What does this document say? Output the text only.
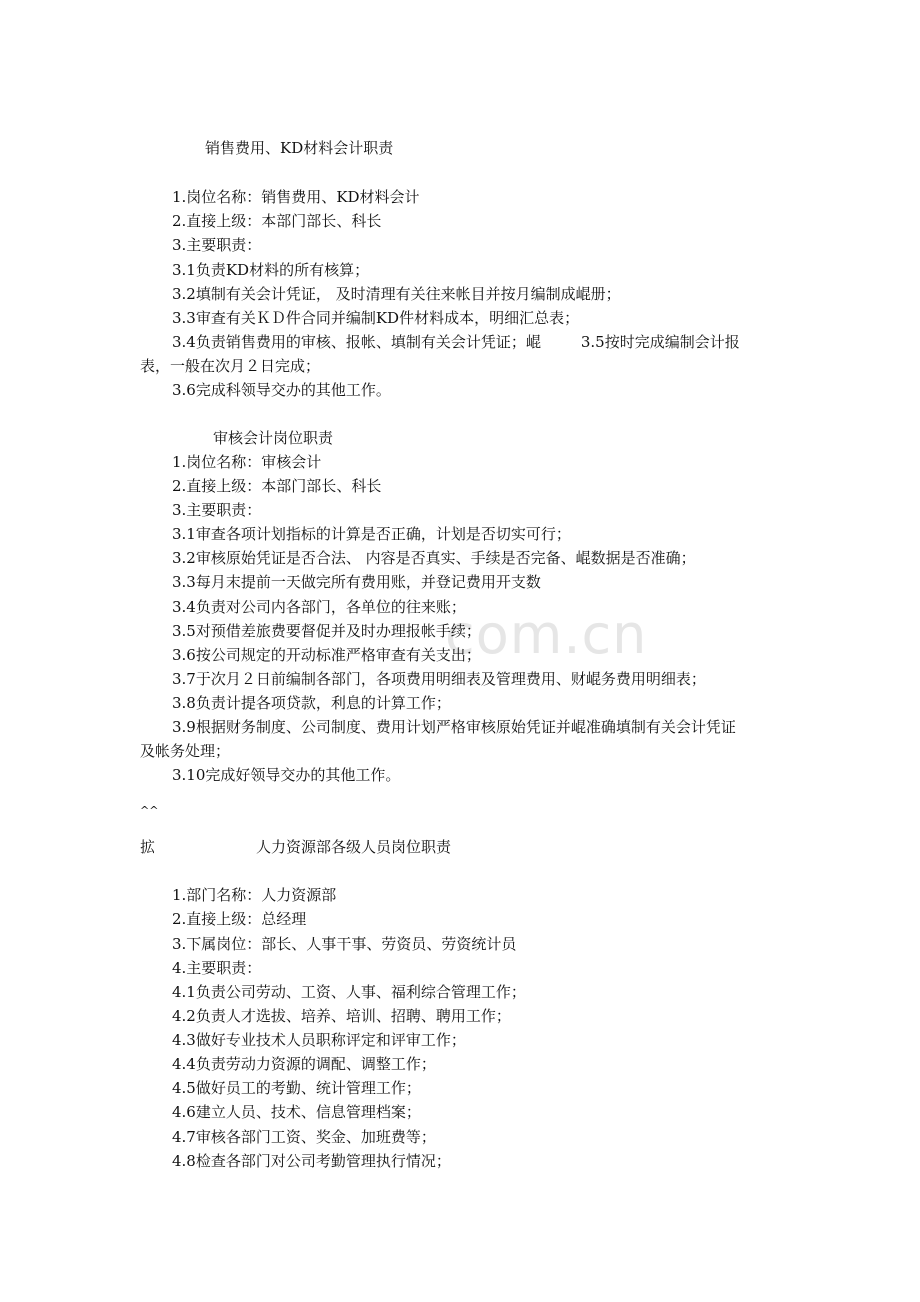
com.cn
销售费用、KD材料会计职责
1.岗位名称：销售费用、KD材料会计
2.直接上级：本部门部长、科长
3.主要职责：
3.1负责KD材料的所有核算；
3.2填制有关会计凭证， 及时清理有关往来帐目并按月编制成崐册；
3.3审查有关ＫＤ件合同并编制KD件材料成本，明细汇总表；
3.4负责销售费用的审核、报帐、填制有关会计凭证；崐	3.5按时完成编制会计报
表，一般在次月２日完成；
3.6完成科领导交办的其他工作。
审核会计岗位职责
1.岗位名称：审核会计
2.直接上级：本部门部长、科长
3.主要职责：
3.1审查各项计划指标的计算是否正确，计划是否切实可行；
3.2审核原始凭证是否合法、 内容是否真实、手续是否完备、崐数据是否准确；
3.3每月末提前一天做完所有费用账，并登记费用开支数
3.4负责对公司内各部门，各单位的往来账；
3.5对预借差旅费要督促并及时办理报帐手续；
3.6按公司规定的开动标准严格审查有关支出；
3.7于次月２日前编制各部门，各项费用明细表及管理费用、财崐务费用明细表；
3.8负责计提各项贷款，利息的计算工作；
3.9根据财务制度、公司制度、费用计划严格审核原始凭证并崐准确填制有关会计凭证
及帐务处理；
3.10完成好领导交办的其他工作。
^^
拡	人力资源部各级人员岗位职责
1.部门名称：人力资源部
2.直接上级：总经理
3.下属岗位：部长、人事干事、劳资员、劳资统计员
4.主要职责：
4.1负责公司劳动、工资、人事、福利综合管理工作；
4.2负责人才选拔、培养、培训、招聘、聘用工作；
4.3做好专业技术人员职称评定和评审工作；
4.4负责劳动力资源的调配、调整工作；
4.5做好员工的考勤、统计管理工作；
4.6建立人员、技术、信息管理档案；
4.7审核各部门工资、奖金、加班费等；
4.8检查各部门对公司考勤管理执行情况；
